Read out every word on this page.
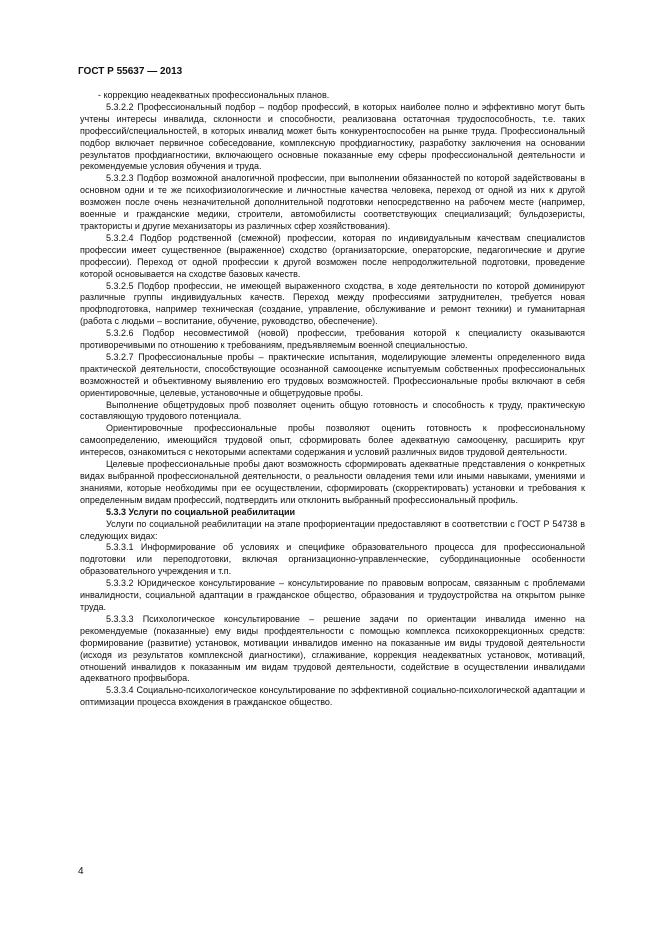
ГОСТ Р 55637 — 2013

- коррекцию неадекватных профессиональных планов.

5.3.2.2 Профессиональный подбор – подбор профессий, в которых наиболее полно и эффективно могут быть учтены интересы инвалида, склонности и способности, реализована остаточная трудоспособность, т.е. таких профессий/специальностей, в которых инвалид может быть конкурентоспособен на рынке труда. Профессиональный подбор включает первичное собеседование, комплексную профдиагностику, разработку заключения на основании результатов профдиагностики, включающего основные показанные ему сферы профессиональной деятельности и рекомендуемые условия обучения и труда.

5.3.2.3 Подбор возможной аналогичной профессии, при выполнении обязанностей по которой задействованы в основном одни и те же психофизиологические и личностные качества человека, переход от одной из них к другой возможен после очень незначительной дополнительной подготовки непосредственно на рабочем месте (например, военные и гражданские медики, строители, автомобилисты соответствующих специализаций; бульдозеристы, трактористы и другие механизаторы из различных сфер хозяйствования).

5.3.2.4 Подбор родственной (смежной) профессии, которая по индивидуальным качествам специалистов профессии имеет существенное (выраженное) сходство (организаторские, операторские, педагогические и другие профессии). Переход от одной профессии к другой возможен после непродолжительной подготовки, проведение которой основывается на сходстве базовых качеств.

5.3.2.5 Подбор профессии, не имеющей выраженного сходства, в ходе деятельности по которой доминируют различные группы индивидуальных качеств. Переход между профессиями затруднителен, требуется новая профподготовка, например техническая (создание, управление, обслуживание и ремонт техники) и гуманитарная (работа с людьми – воспитание, обучение, руководство, обеспечение).

5.3.2.6 Подбор несовместимой (новой) профессии, требования которой к специалисту оказываются противоречивыми по отношению к требованиям, предъявляемым военной специальностью.

5.3.2.7 Профессиональные пробы – практические испытания, моделирующие элементы определенного вида практической деятельности, способствующие осознанной самооценке испытуемым собственных профессиональных возможностей и объективному выявлению его трудовых возможностей. Профессиональные пробы включают в себя ориентировочные, целевые, установочные и общетрудовые пробы.

Выполнение общетрудовых проб позволяет оценить общую готовность и способность к труду, практическую составляющую трудового потенциала.

Ориентировочные профессиональные пробы позволяют оценить готовность к профессиональному самоопределению, имеющийся трудовой опыт, сформировать более адекватную самооценку, расширить круг интересов, ознакомиться с некоторыми аспектами содержания и условий различных видов трудовой деятельности.

Целевые профессиональные пробы дают возможность сформировать адекватные представления о конкретных видах выбранной профессиональной деятельности, о реальности овладения теми или иными навыками, умениями и знаниями, которые необходимы при ее осуществлении, сформировать (скорректировать) установки и требования к определенным видам профессий, подтвердить или отклонить выбранный профессиональный профиль.

5.3.3 Услуги по социальной реабилитации

Услуги по социальной реабилитации на этапе профориентации предоставляют в соответствии с ГОСТ Р 54738 в следующих видах:

5.3.3.1 Информирование об условиях и специфике образовательного процесса для профессиональной подготовки или переподготовки, включая организационно-управленческие, субординационные особенности образовательного учреждения и т.п.

5.3.3.2 Юридическое консультирование – консультирование по правовым вопросам, связанным с проблемами инвалидности, социальной адаптации в гражданское общество, образования и трудоустройства на открытом рынке труда.

5.3.3.3 Психологическое консультирование – решение задачи по ориентации инвалида именно на рекомендуемые (показанные) ему виды профдеятельности с помощью комплекса психокоррекционных средств: формирование (развитие) установок, мотивации инвалидов именно на показанные им виды трудовой деятельности (исходя из результатов комплексной диагностики), сглаживание, коррекция неадекватных установок, мотиваций, отношений инвалидов к показанным им видам трудовой деятельности, содействие в осуществлении инвалидами адекватного профвыбора.

5.3.3.4 Социально-психологическое консультирование по эффективной социально-психологической адаптации и оптимизации процесса вхождения в гражданское общество.

4
